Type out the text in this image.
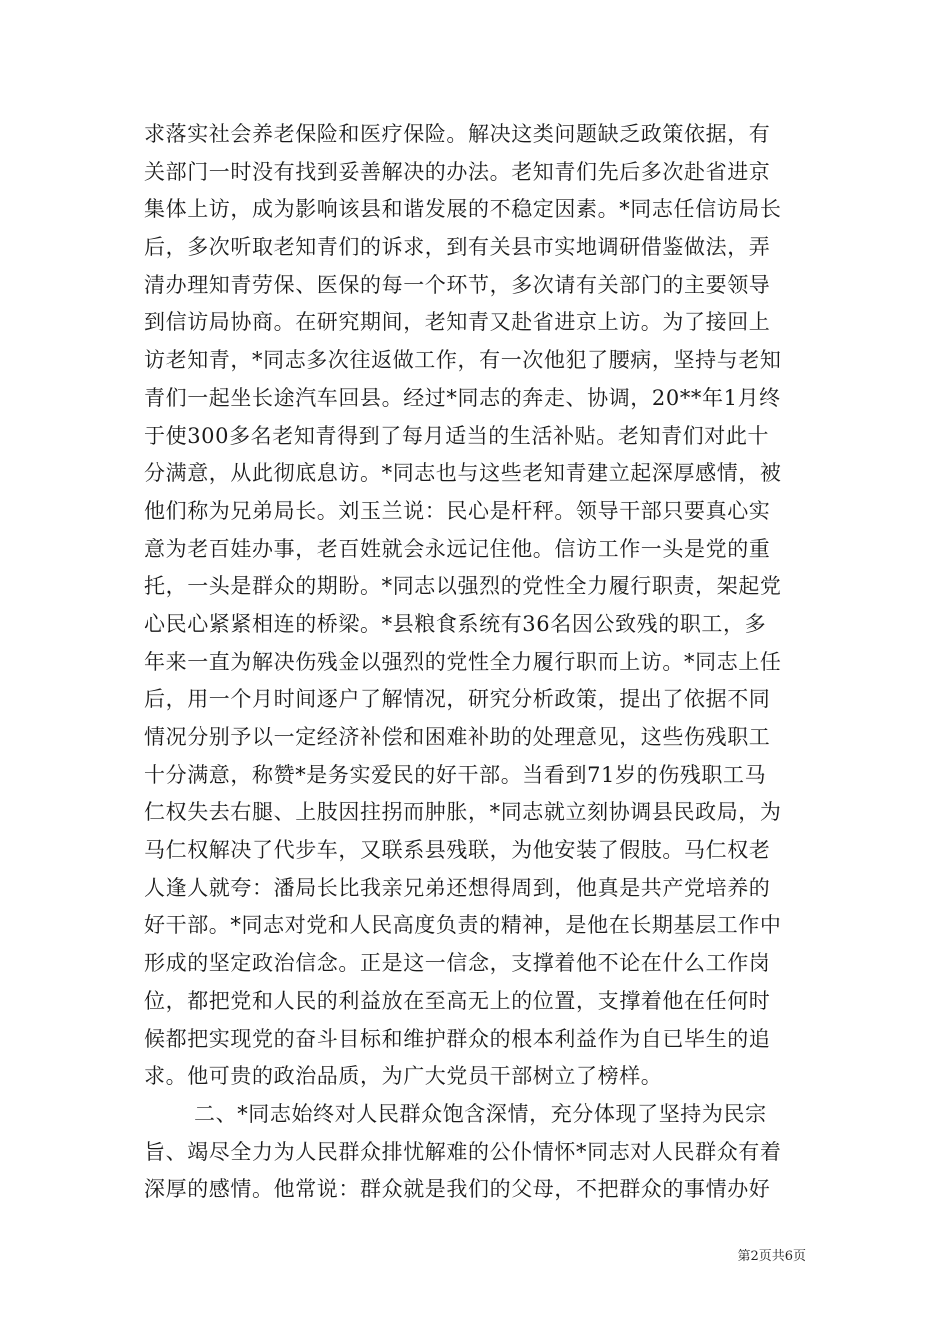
求落实社会养老保险和医疗保险。解决这类问题缺乏政策依据，有
关部门一时没有找到妥善解决的办法。老知青们先后多次赴省进京
集体上访，成为影响该县和谐发展的不稳定因素。*同志任信访局长
后，多次听取老知青们的诉求，到有关县市实地调研借鉴做法，弄
清办理知青劳保、医保的每一个环节，多次请有关部门的主要领导
到信访局协商。在研究期间，老知青又赴省进京上访。为了接回上
访老知青，*同志多次往返做工作，有一次他犯了腰病，坚持与老知
青们一起坐长途汽车回县。经过*同志的奔走、协调，20**年1月终
于使300多名老知青得到了每月适当的生活补贴。老知青们对此十
分满意，从此彻底息访。*同志也与这些老知青建立起深厚感情，被
他们称为兄弟局长。刘玉兰说：民心是杆秤。领导干部只要真心实
意为老百娃办事，老百姓就会永远记住他。信访工作一头是党的重
托，一头是群众的期盼。*同志以强烈的党性全力履行职责，架起党
心民心紧紧相连的桥梁。*县粮食系统有36名因公致残的职工，多
年来一直为解决伤残金以强烈的党性全力履行职而上访。*同志上任
后，用一个月时间逐户了解情况，研究分析政策，提出了依据不同
情况分别予以一定经济补偿和困难补助的处理意见，这些伤残职工
十分满意，称赞*是务实爱民的好干部。当看到71岁的伤残职工马
仁权失去右腿、上肢因拄拐而肿胀，*同志就立刻协调县民政局，为
马仁权解决了代步车，又联系县残联，为他安装了假肢。马仁权老
人逢人就夸：潘局长比我亲兄弟还想得周到，他真是共产党培养的
好干部。*同志对党和人民高度负责的精神，是他在长期基层工作中
形成的坚定政治信念。正是这一信念，支撑着他不论在什么工作岗
位，都把党和人民的利益放在至高无上的位置，支撑着他在任何时
候都把实现党的奋斗目标和维护群众的根本利益作为自已毕生的追
求。他可贵的政治品质，为广大党员干部树立了榜样。
二、*同志始终对人民群众饱含深情，充分体现了坚持为民宗
旨、竭尽全力为人民群众排忧解难的公仆情怀*同志对人民群众有着
深厚的感情。他常说：群众就是我们的父母，不把群众的事情办好
第2页共6页
